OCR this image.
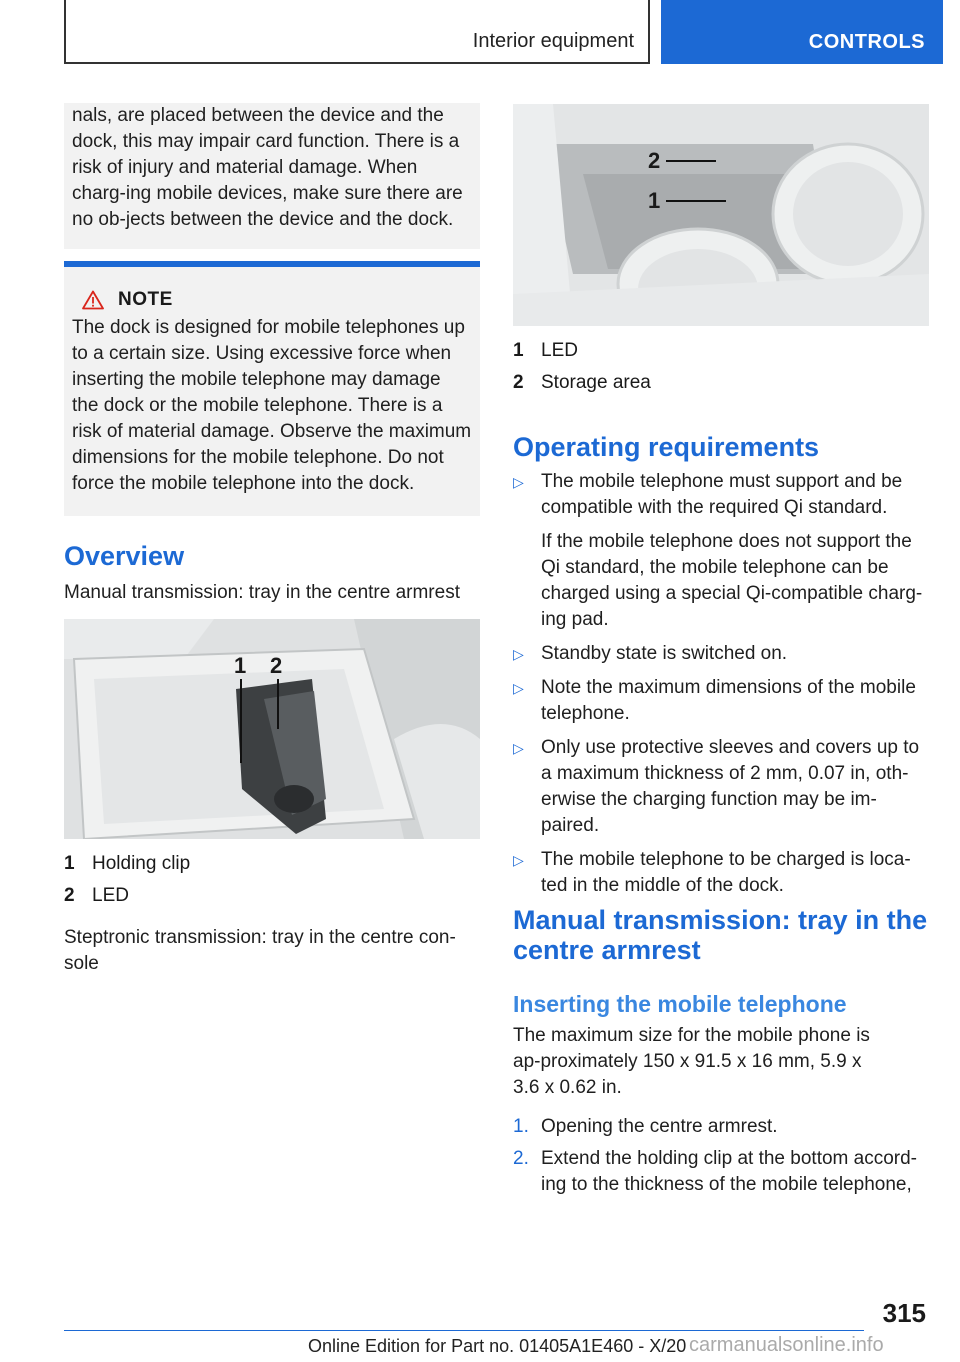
Interior equipment	CONTROLS

nals, are placed between the device and the dock, this may impair card function. There is a risk of injury and material damage. When charg‐ing mobile devices, make sure there are no ob‐jects between the device and the dock.

NOTE

The dock is designed for mobile telephones up to a certain size. Using excessive force when inserting the mobile telephone may damage the dock or the mobile telephone. There is a risk of material damage. Observe the maximum dimensions for the mobile telephone. Do not force the mobile telephone into the dock.

Overview

Manual transmission: tray in the centre armrest

1 2
1 Holding clip
2 LED

Steptronic transmission: tray in the centre con‐sole

2
1
1 LED
2 Storage area
Operating requirements
▷ The mobile telephone must support and be compatible with the required Qi standard.

If the mobile telephone does not support the Qi standard, the mobile telephone can be charged using a special Qi-compatible charg‐ing pad.

▷ Standby state is switched on.

▷ Note the maximum dimensions of the mobile telephone.

▷ Only use protective sleeves and covers up to a maximum thickness of 2 mm, 0.07 in, oth‐erwise the charging function may be im‐paired.

▷ The mobile telephone to be charged is loca‐ted in the middle of the dock.

Manual transmission: tray in the centre armrest
Inserting the mobile telephone

The maximum size for the mobile phone is ap‐proximately 150 x 91.5 x 16 mm, 5.9 x 3.6 x 0.62 in.

1. Opening the centre armrest.
2. Extend the holding clip at the bottom accord‐ing to the thickness of the mobile telephone,
315
Online Edition for Part no. 01405A1E460 - X/20 carmanualsonline.info
